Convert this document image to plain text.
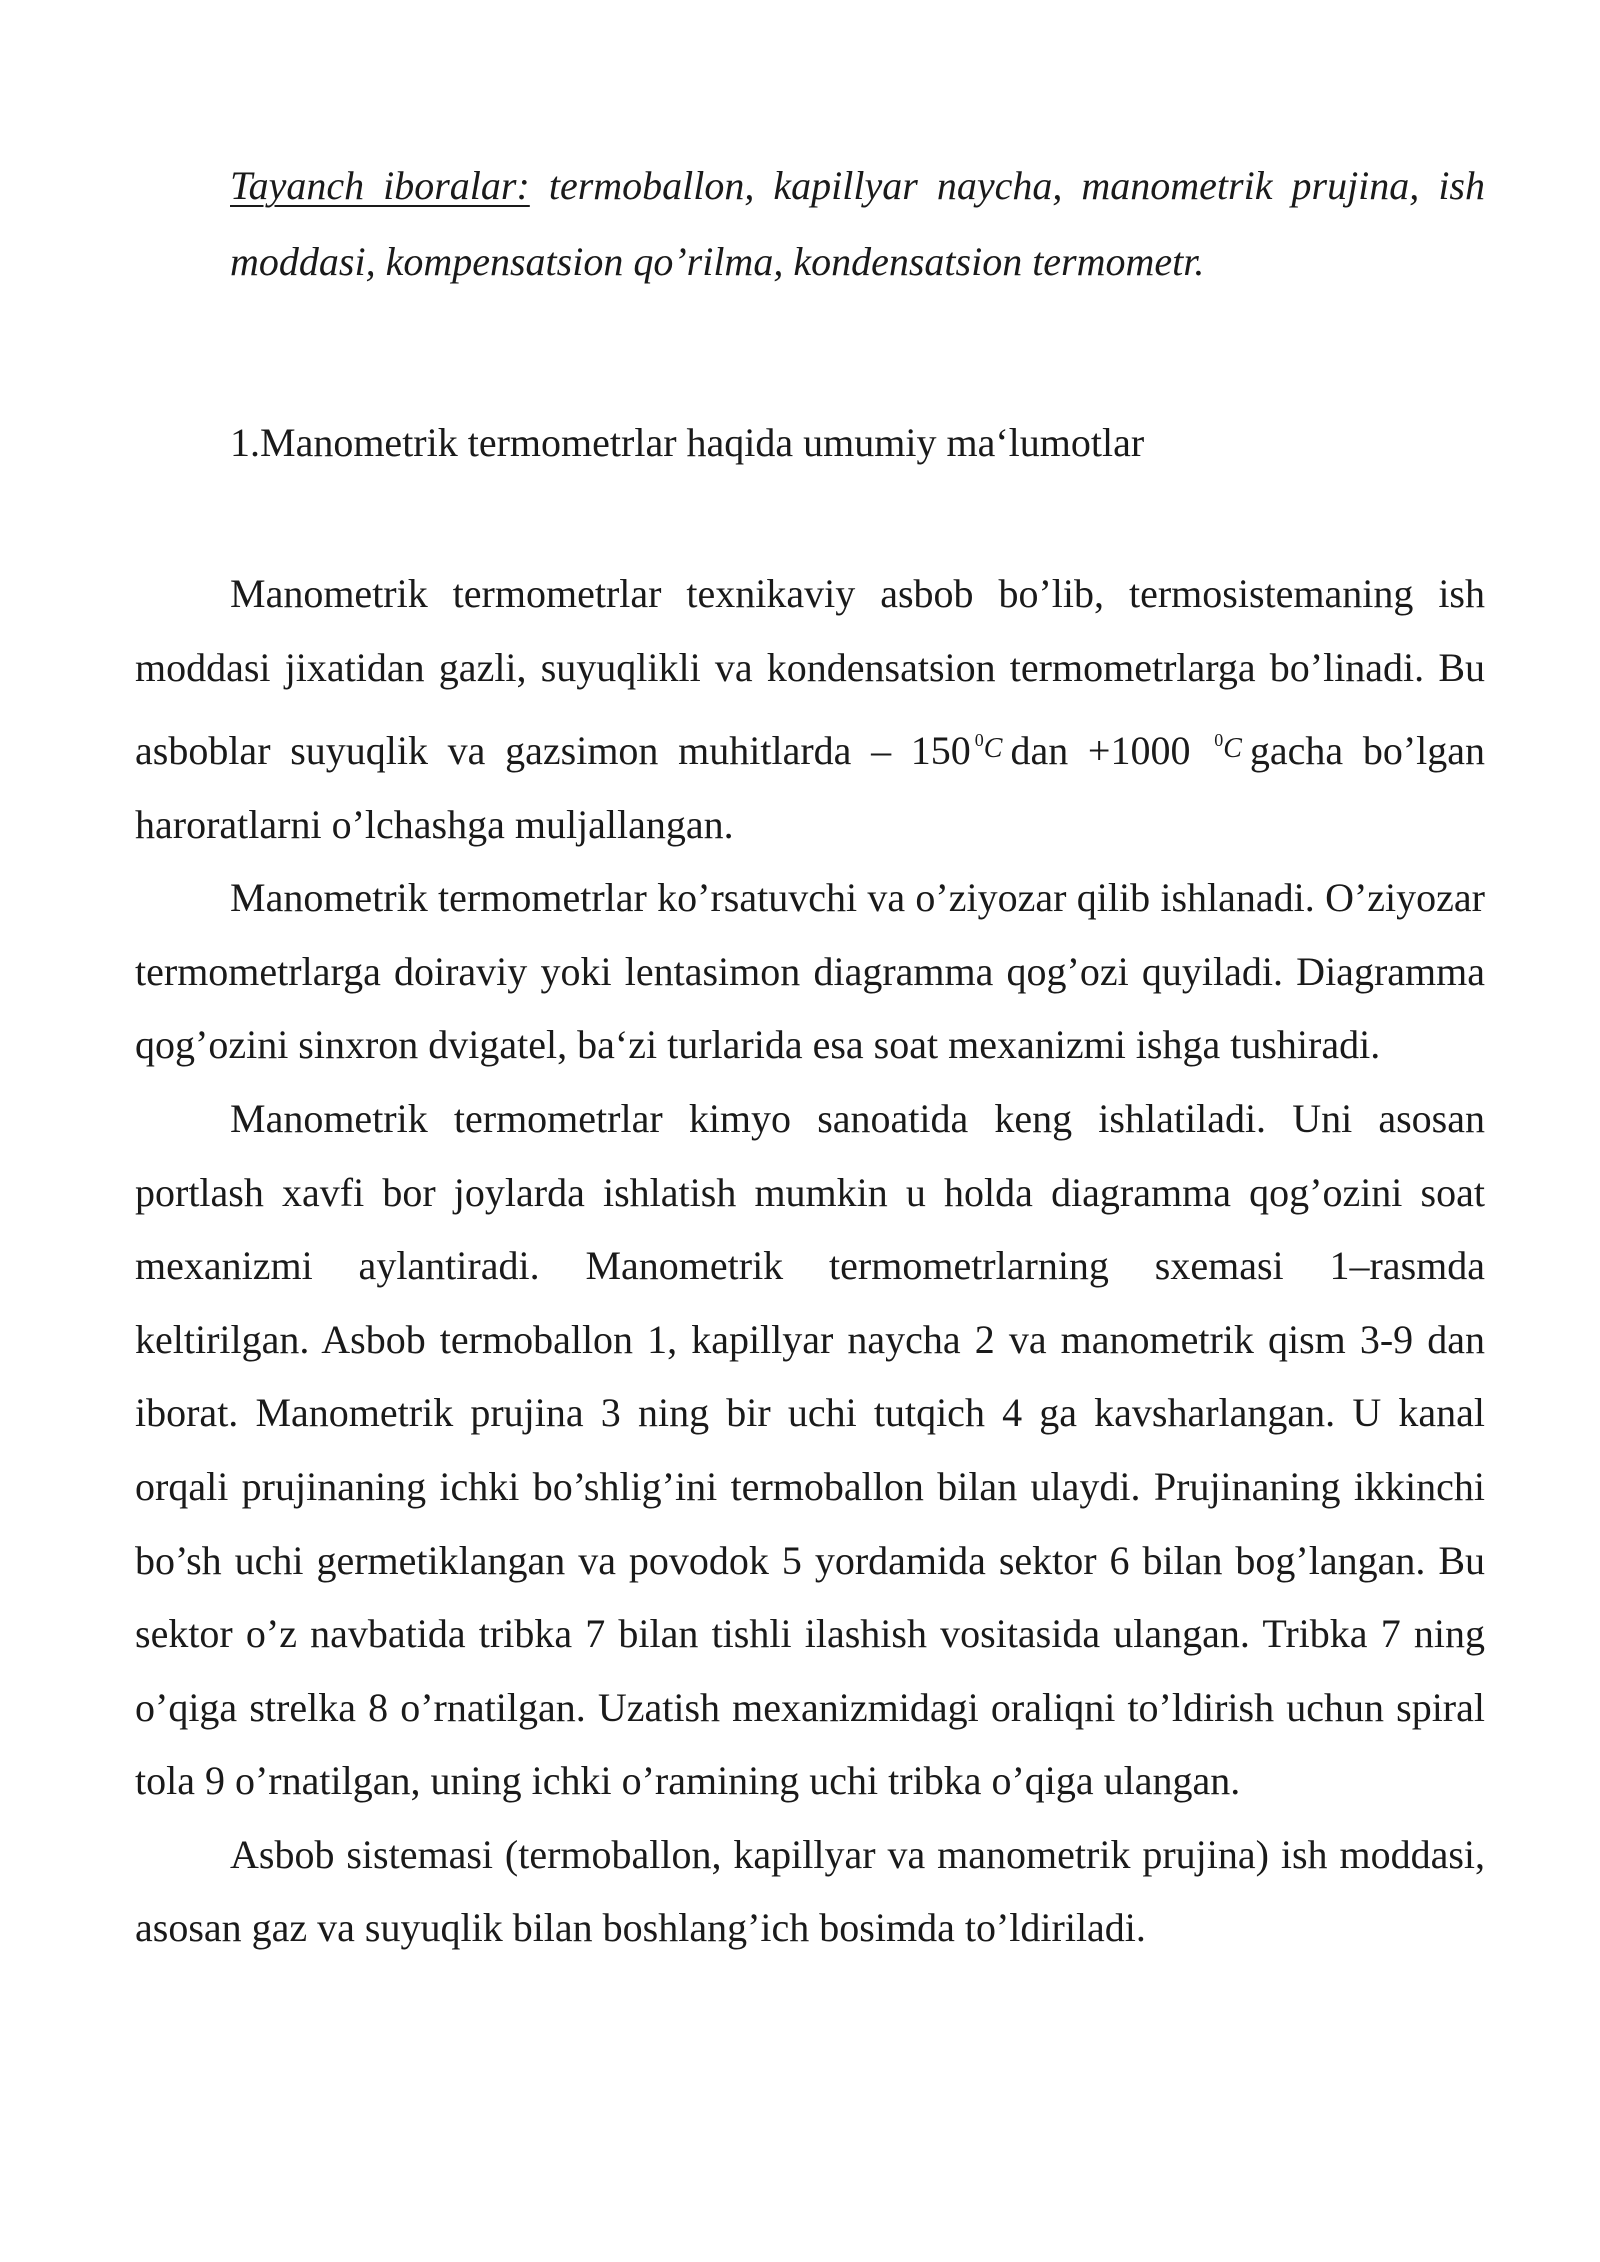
Tayanch iboralar: termoballon, kapillyar naycha, manometrik prujina, ish moddasi, kompensatsion qo’rilma, kondensatsion termometr.
1.Manometrik termometrlar haqida umumiy ma‘lumotlar

Manometrik termometrlar texnikaviy asbob bo’lib, termosistemaning ish moddasi jixatidan gazli, suyuqlikli va kondensatsion termometrlarga bo’linadi. Bu asboblar suyuqlik va gazsimon muhitlarda – 150 $^0$C dan +1000 $^0$C gacha bo’lgan haroratlarni o’lchashga muljallangan.

Manometrik termometrlar ko’rsatuvchi va o’ziyozar qilib ishlanadi. O’ziyozar termometrlarga doiraviy yoki lentasimon diagramma qog’ozi quyiladi. Diagramma qog’ozini sinxron dvigatel, ba‘zi turlarida esa soat mexanizmi ishga tushiradi.

Manometrik termometrlar kimyo sanoatida keng ishlatiladi. Uni asosan portlash xavfi bor joylarda ishlatish mumkin u holda diagramma qog’ozini soat mexanizmi aylantiradi. Manometrik termometrlarning sxemasi 1–rasmda keltirilgan. Asbob termoballon 1, kapillyar naycha 2 va manometrik qism 3-9 dan iborat. Manometrik prujina 3 ning bir uchi tutqich 4 ga kavsharlangan. U kanal orqali prujinaning ichki bo’shlig’ini termoballon bilan ulaydi. Prujinaning ikkinchi bo’sh uchi germetiklangan va povodok 5 yordamida sektor 6 bilan bog’langan. Bu sektor o’z navbatida tribka 7 bilan tishli ilashish vositasida ulangan. Tribka 7 ning o’qiga strelka 8 o’rnatilgan. Uzatish mexanizmidagi oraliqni to’ldirish uchun spiral tola 9 o’rnatilgan, uning ichki o’ramining uchi tribka o’qiga ulangan.

Asbob sistemasi (termoballon, kapillyar va manometrik prujina) ish moddasi, asosan gaz va suyuqlik bilan boshlang’ich bosimda to’ldiriladi.
